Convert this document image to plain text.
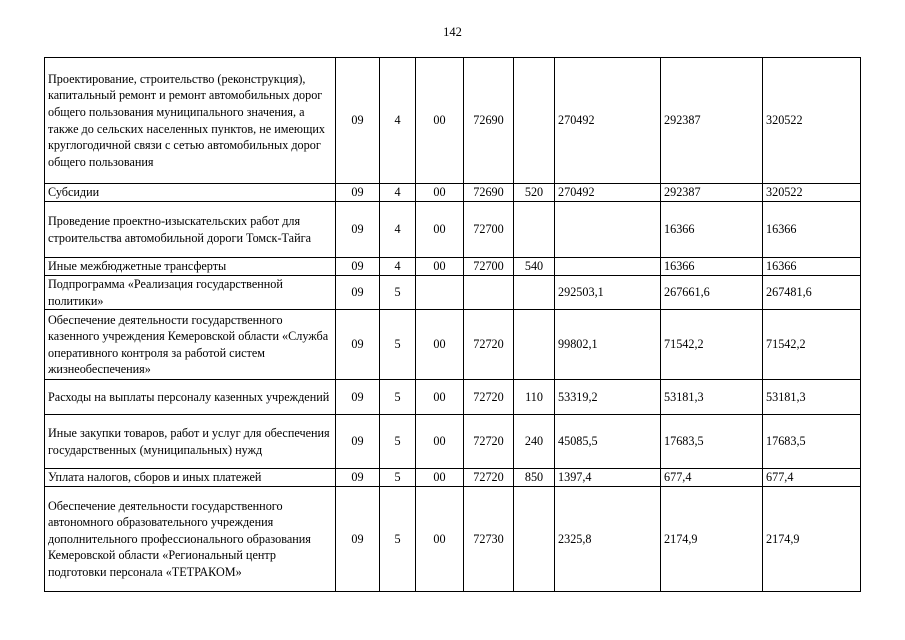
142
Проектирование, строительство (реконструкция), капитальный ремонт и ремонт автомобильных дорог общего пользования муниципального значения, а также до сельских населенных пунктов, не имеющих круглогодичной связи с сетью автомобильных дорог общего пользования	09	4	00	72690		270492	292387	320522
Субсидии	09	4	00	72690	520	270492	292387	320522
Проведение проектно-изыскательских работ для строительства автомобильной дороги Томск-Тайга	09	4	00	72700			16366	16366
Иные межбюджетные трансферты	09	4	00	72700	540		16366	16366
Подпрограмма «Реализация государственной политики»	09	5				292503,1	267661,6	267481,6
Обеспечение деятельности государственного казенного учреждения Кемеровской области «Служба оперативного контроля за работой систем жизнеобеспечения»	09	5	00	72720		99802,1	71542,2	71542,2
Расходы на выплаты персоналу казенных учреждений	09	5	00	72720	110	53319,2	53181,3	53181,3
Иные закупки товаров, работ и услуг для обеспечения государственных (муниципальных) нужд	09	5	00	72720	240	45085,5	17683,5	17683,5
Уплата налогов, сборов и иных платежей	09	5	00	72720	850	1397,4	677,4	677,4
Обеспечение деятельности государственного автономного образовательного учреждения дополнительного профессионального образования Кемеровской области «Региональный центр подготовки персонала «ТЕТРАКОМ»	09	5	00	72730		2325,8	2174,9	2174,9
